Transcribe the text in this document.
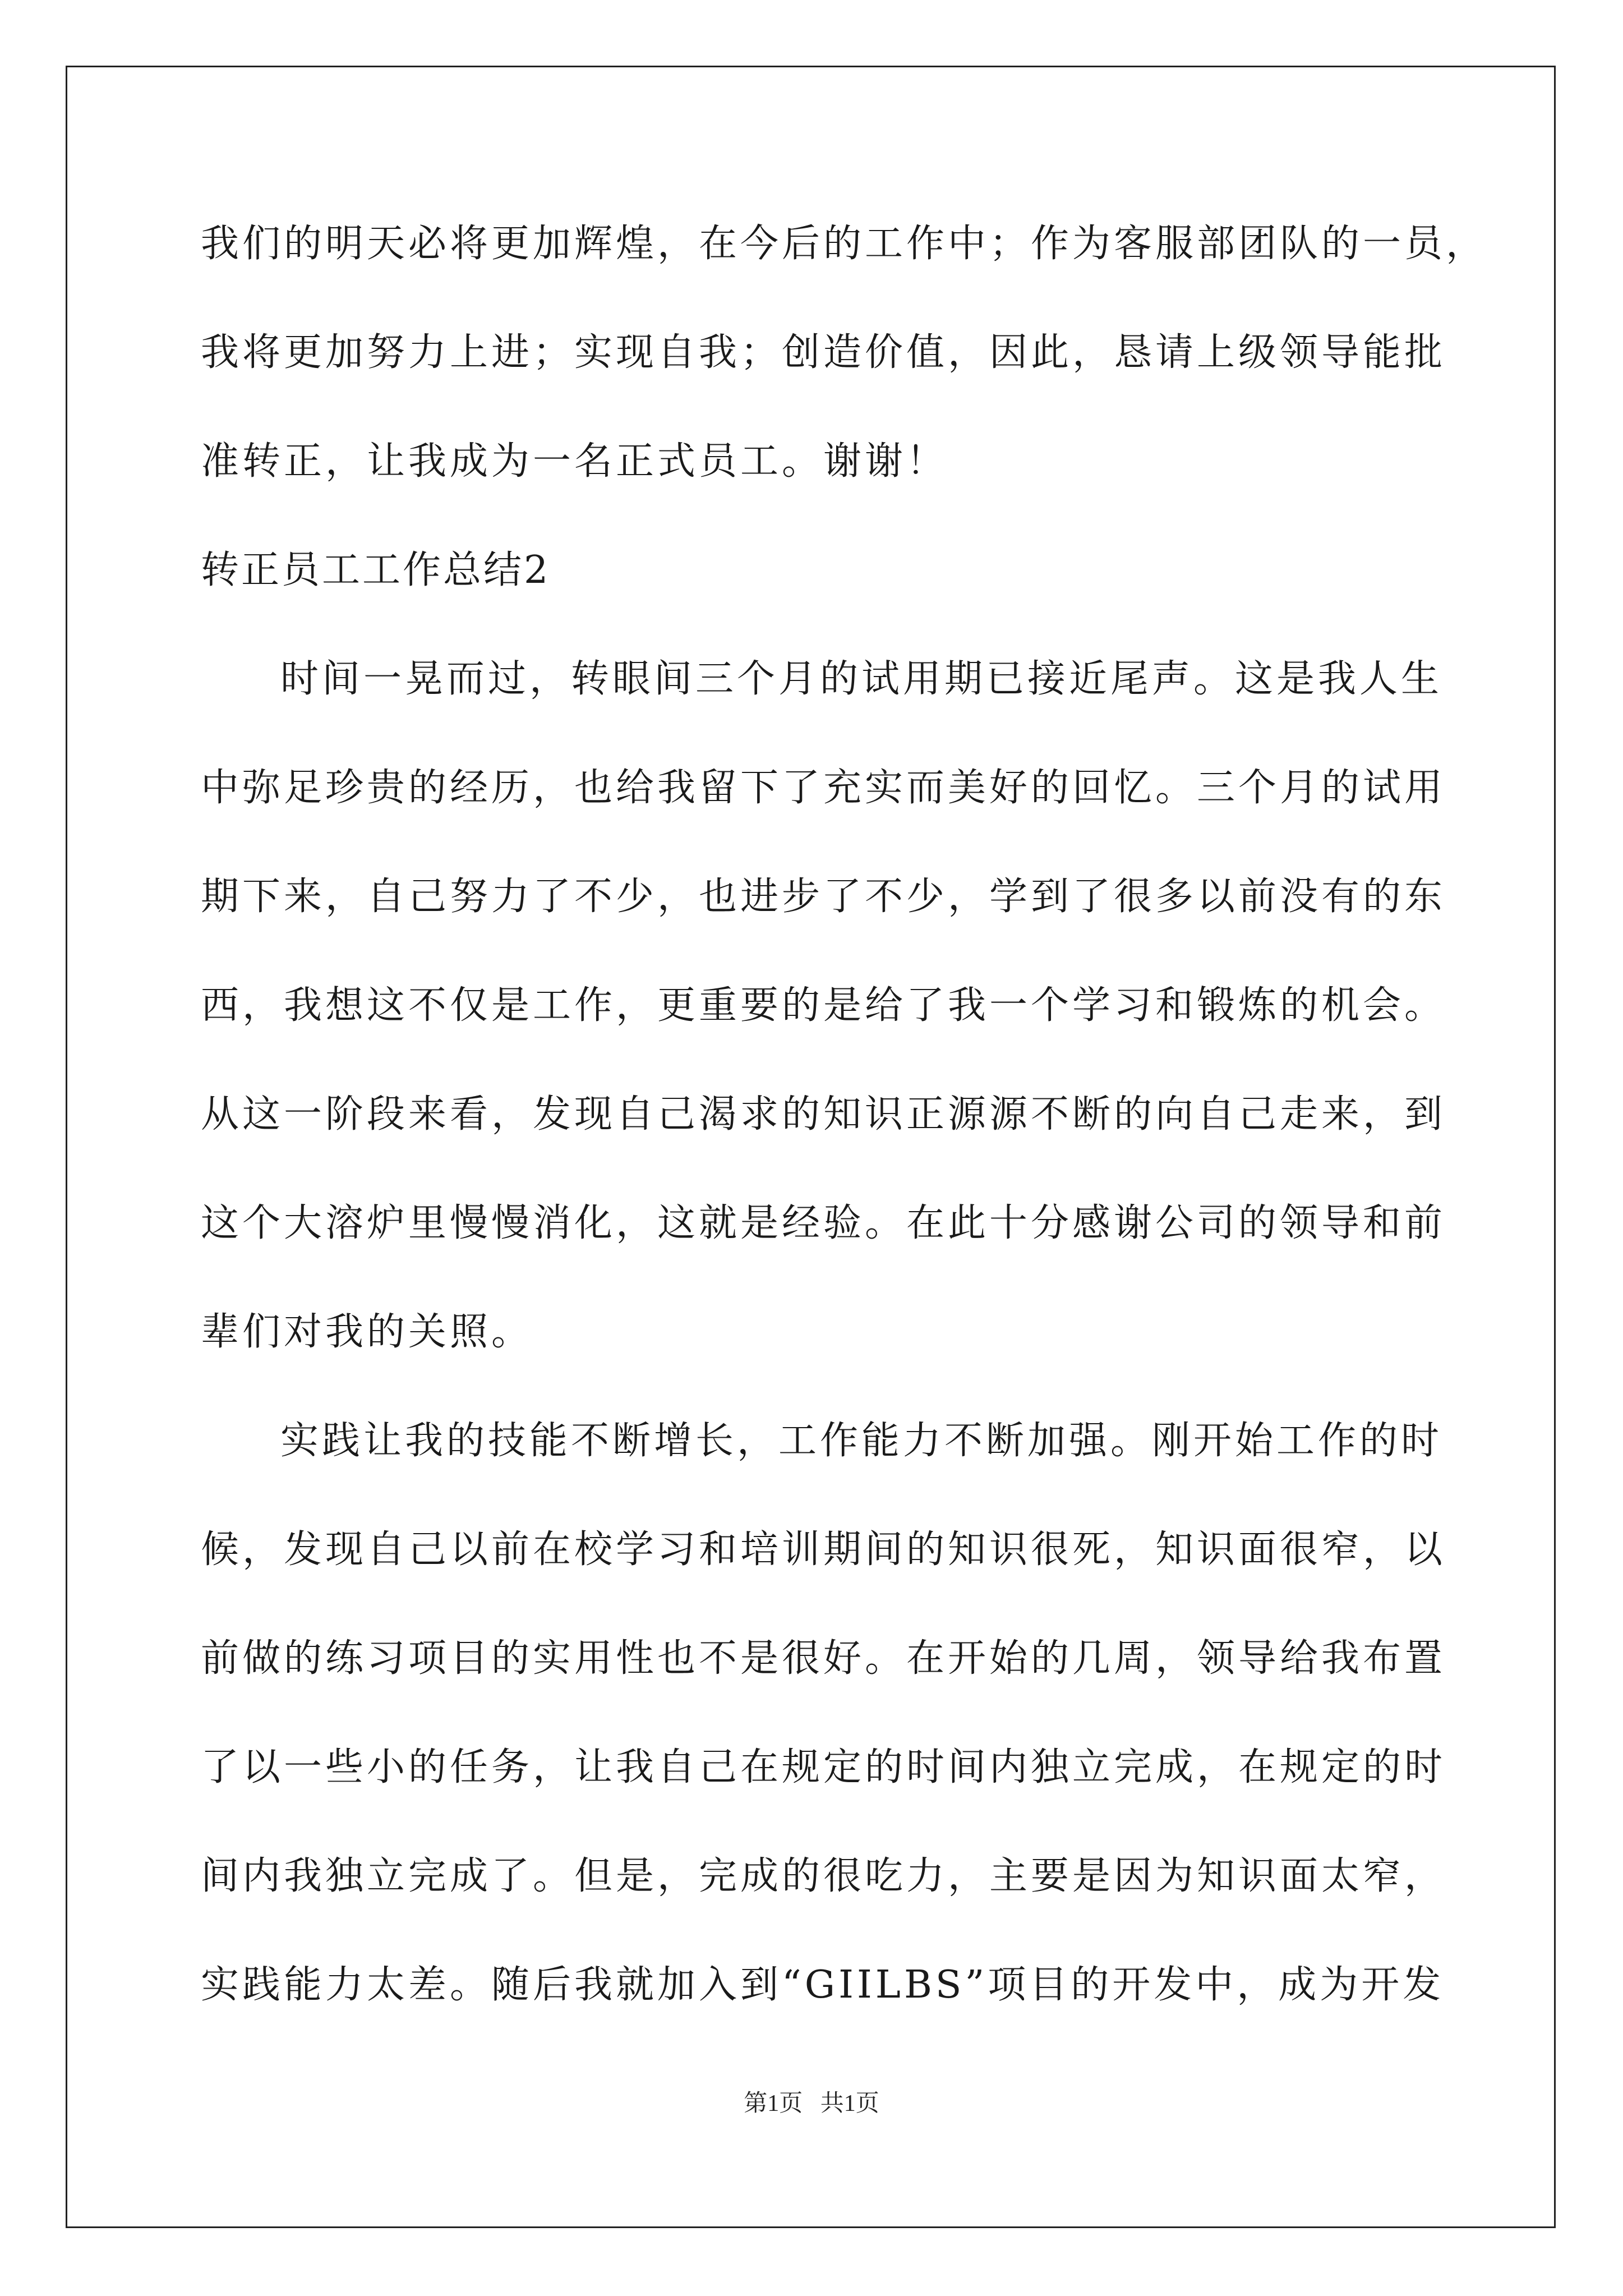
我们的明天必将更加辉煌，在今后的工作中；作为客服部团队的一员，
我将更加努力上进；实现自我；创造价值，因此，恳请上级领导能批
准转正，让我成为一名正式员工。谢谢！
转正员工工作总结2
时间一晃而过，转眼间三个月的试用期已接近尾声。这是我人生
中弥足珍贵的经历，也给我留下了充实而美好的回忆。三个月的试用
期下来，自己努力了不少，也进步了不少，学到了很多以前没有的东
西，我想这不仅是工作，更重要的是给了我一个学习和锻炼的机会。
从这一阶段来看，发现自己渴求的知识正源源不断的向自己走来，到
这个大溶炉里慢慢消化，这就是经验。在此十分感谢公司的领导和前
辈们对我的关照。
实践让我的技能不断增长，工作能力不断加强。刚开始工作的时
候，发现自己以前在校学习和培训期间的知识很死，知识面很窄，以
前做的练习项目的实用性也不是很好。在开始的几周，领导给我布置
了以一些小的任务，让我自己在规定的时间内独立完成，在规定的时
间内我独立完成了。但是，完成的很吃力，主要是因为知识面太窄，
实践能力太差。随后我就加入到“GIILBS”项目的开发中，成为开发
第1页   共1页
